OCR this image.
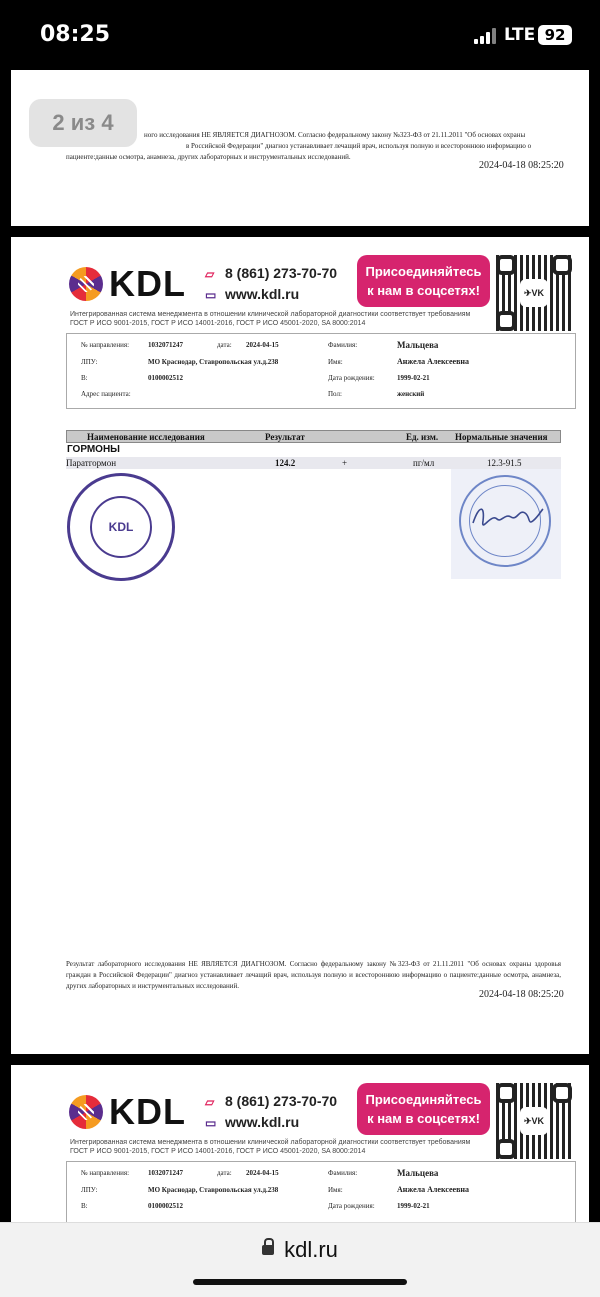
08:25	LTE 92
ного исследования НЕ ЯВЛЯЕТСЯ ДИАГНОЗОМ. Согласно федеральному закону №323-ФЗ от 21.11.2011 "Об основах охраны
в Российской Федерации" диагноз устанавливает лечащий врач, используя полную и всестороннюю информацию о
пациенте:данные осмотра, анамнеза, других лабораторных и инструментальных исследований.
2024-04-18 08:25:20
2 из 4
KDL ▱ 8 (861) 273-70-70
▭ www.kdl.ru
Присоединяйтесь
к нам в соцсетях!	✈VK
Интегрированная система менеджмента в отношении клинической лабораторной диагностики соответствует требованиям
ГОСТ Р ИСО 9001-2015, ГОСТ Р ИСО 14001-2016, ГОСТ Р ИСО 45001-2020, SA 8000:2014
№ направления:	1032071247	дата: 2024-04-15	Фамилия:	Мальцева
ЛПУ:	МО Краснодар, Ставропольская ул.д.238	Имя:	Анжела Алексеевна
В:	0100002512	Дата рождения:	1999-02-21
Адрес пациента:	Пол:	женский
Наименование исследования	Результат	Ед. изм. Нормальные значения
ГОРМОНЫ
Паратгормон	124.2	+	пг/мл	12.3-91.5
KDL
Результат лабораторного исследования НЕ ЯВЛЯЕТСЯ ДИАГНОЗОМ. Согласно федеральному закону №323-ФЗ от 21.11.2011 "Об основах охраны здоровья граждан в Российской Федерации" диагноз устанавливает лечащий врач, используя полную и всестороннюю информацию о пациенте:данные осмотра, анамнеза, других лабораторных и инструментальных исследований.
2024-04-18 08:25:20
KDL ▱ 8 (861) 273-70-70
▭ www.kdl.ru
Присоединяйтесь
к нам в соцсетях!	✈VK
Интегрированная система менеджмента в отношении клинической лабораторной диагностики соответствует требованиям
ГОСТ Р ИСО 9001-2015, ГОСТ Р ИСО 14001-2016, ГОСТ Р ИСО 45001-2020, SA 8000:2014
№ направления:	1032071247	дата: 2024-04-15	Фамилия:	Мальцева
ЛПУ:	МО Краснодар, Ставропольская ул.д.238	Имя:	Анжела Алексеевна
В:	0100002512	Дата рождения:	1999-02-21
kdl.ru
